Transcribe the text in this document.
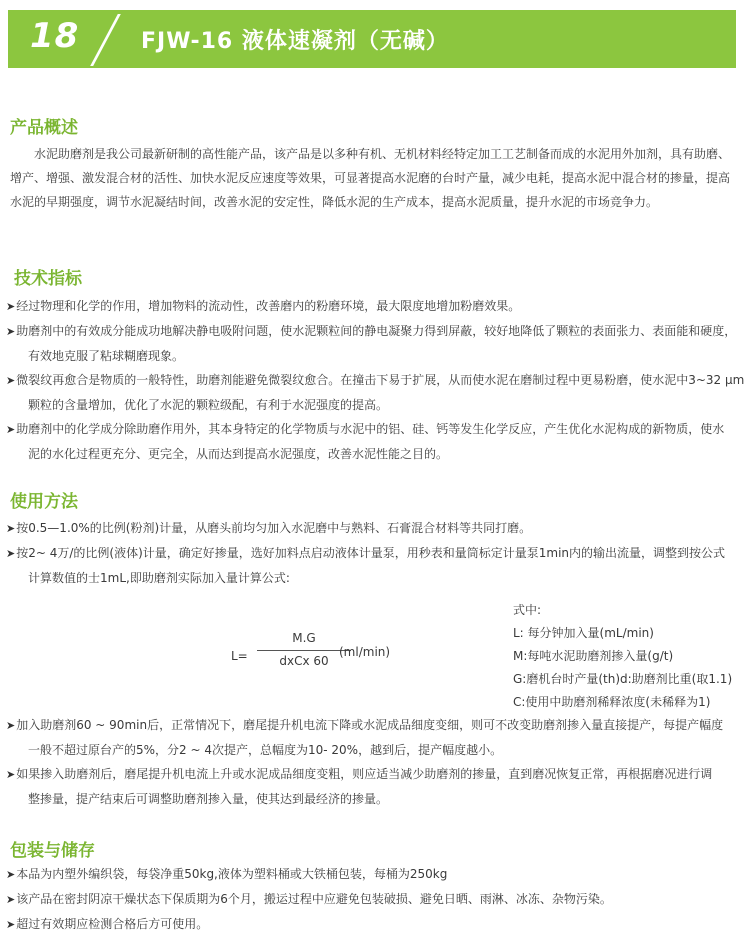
18	FJW-16 液体速凝剂（无碱）
产品概述
水泥助磨剂是我公司最新研制的高性能产品，该产品是以多种有机、无机材料经特定加工工艺制备而成的水泥用外加剂，具有助磨、
增产、增强、激发混合材的活性、加快水泥反应速度等效果，可显著提高水泥磨的台时产量，减少电耗，提高水泥中混合材的掺量，提高
水泥的早期强度，调节水泥凝结时间，改善水泥的安定性，降低水泥的生产成本，提高水泥质量，提升水泥的市场竞争力。
技术指标
➤经过物理和化学的作用，增加物料的流动性，改善磨内的粉磨环境，最大限度地增加粉磨效果。
➤助磨剂中的有效成分能成功地解决静电吸附问题，使水泥颗粒间的静电凝聚力得到屏蔽，较好地降低了颗粒的表面张力、表面能和硬度，
有效地克服了粘球糊磨现象。
➤微裂纹再愈合是物质的一般特性，助磨剂能避免微裂纹愈合。在撞击下易于扩展，从而使水泥在磨制过程中更易粉磨，使水泥中3~32 μm
颗粒的含量增加，优化了水泥的颗粒级配，有利于水泥强度的提高。
➤助磨剂中的化学成分除助磨作用外，其本身特定的化学物质与水泥中的铝、硅、钙等发生化学反应，产生优化水泥构成的新物质，使水
泥的水化过程更充分、更完全，从而达到提高水泥强度，改善水泥性能之目的。
使用方法
➤按0.5—1.0%的比例(粉剂)计量，从磨头前均匀加入水泥磨中与熟料、石膏混合材料等共同打磨。
➤按2~ 4万/的比例(液体)计量，确定好掺量，选好加料点启动液体计量泵，用秒表和量筒标定计量泵1min内的输出流量，调整到按公式
计算数值的士1mL,即助磨剂实际加入量计算公式:
L=
M.G
dxCx 60
(ml/min)
式中:
L: 每分钟加入量(mL/min)
M:每吨水泥助磨剂掺入量(g/t)
G:磨机台时产量(th)d:助磨剂比重(取1.1)
C:使用中助磨剂稀释浓度(未稀释为1)
➤加入助磨剂60 ~ 90min后，正常情况下，磨尾提升机电流下降或水泥成品细度变细，则可不改变助磨剂掺入量直接提产，每提产幅度
一般不超过原台产的5%，分2 ~ 4次提产，总幅度为10- 20%，越到后，提产幅度越小。
➤如果掺入助磨剂后，磨尾提升机电流上升或水泥成品细度变粗，则应适当减少助磨剂的掺量，直到磨况恢复正常，再根据磨况进行调
整掺量，提产结束后可调整助磨剂掺入量，使其达到最经济的掺量。
包装与储存
➤本品为内塑外编织袋，每袋净重50kg,液体为塑料桶或大铁桶包装，每桶为250kg
➤该产品在密封阴凉干燥状态下保质期为6个月，搬运过程中应避免包装破损、避免日晒、雨淋、冰冻、杂物污染。
➤超过有效期应检测合格后方可使用。
